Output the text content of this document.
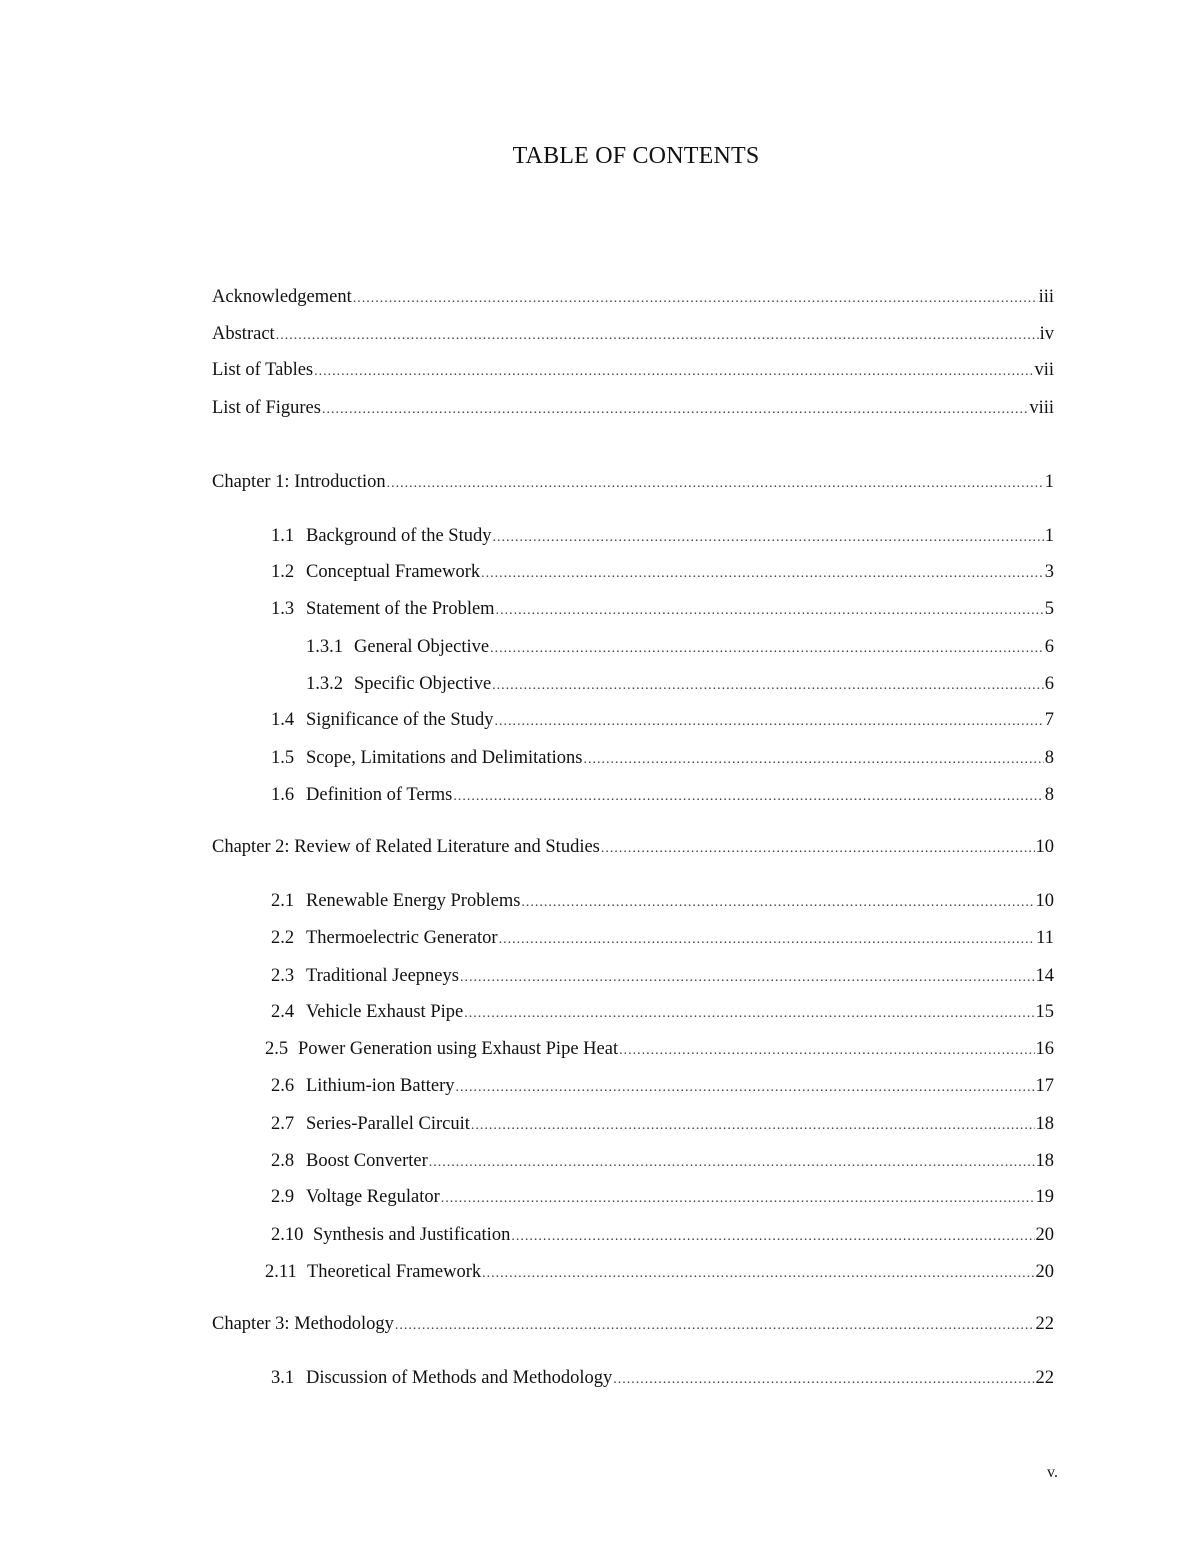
TABLE OF CONTENTS
Acknowledgement .....	iii
Abstract .....	iv
List of Tables .....	vii
List of Figures .....	viii
Chapter 1: Introduction .....	1
1.1 Background of the Study .....	1
1.2 Conceptual Framework .....	3
1.3 Statement of the Problem .....	5
1.3.1 General Objective .....	6
1.3.2 Specific Objective .....	6
1.4 Significance of the Study .....	7
1.5 Scope, Limitations and Delimitations .....	8
1.6 Definition of Terms .....	8
Chapter 2: Review of Related Literature and Studies .....	10
2.1 Renewable Energy Problems .....	10
2.2 Thermoelectric Generator .....	11
2.3 Traditional Jeepneys .....	14
2.4 Vehicle Exhaust Pipe .....	15
2.5 Power Generation using Exhaust Pipe Heat .....	16
2.6 Lithium-ion Battery .....	17
2.7 Series-Parallel Circuit .....	18
2.8 Boost Converter .....	18
2.9 Voltage Regulator .....	19
2.10 Synthesis and Justification .....	20
2.11 Theoretical Framework .....	20
Chapter 3: Methodology .....	22
3.1 Discussion of Methods and Methodology .....	22
v.
